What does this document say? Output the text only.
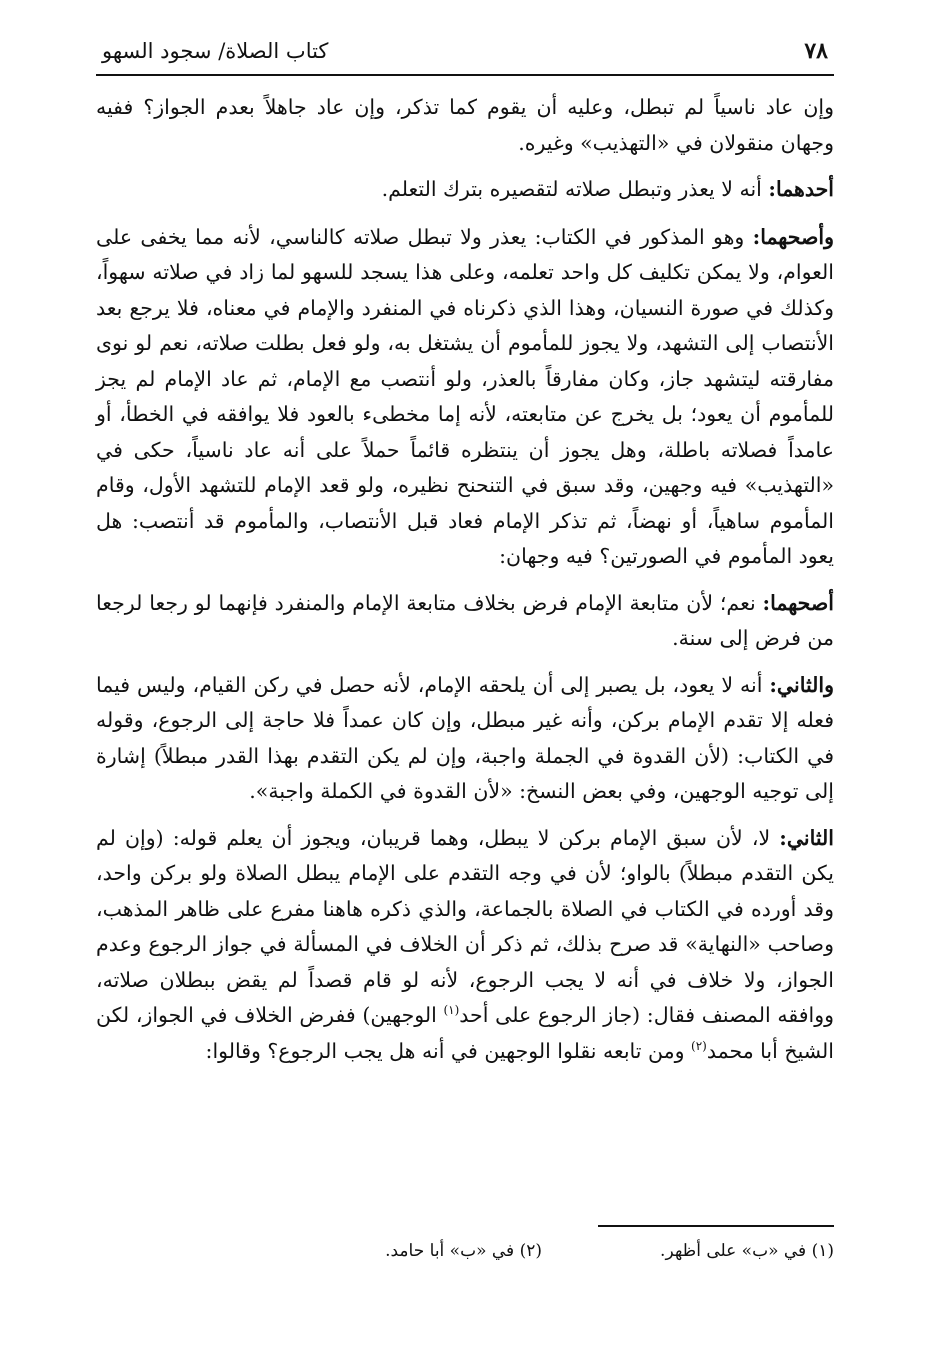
٧٨
كتاب الصلاة/ سجود السهو

وإن عاد ناسياً لم تبطل، وعليه أن يقوم كما تذكر، وإن عاد جاهلاً بعدم الجواز؟ ففيه وجهان منقولان في «التهذيب» وغيره.

أحدهما: أنه لا يعذر وتبطل صلاته لتقصيره بترك التعلم.

وأصحهما: وهو المذكور في الكتاب: يعذر ولا تبطل صلاته كالناسي، لأنه مما يخفى على العوام، ولا يمكن تكليف كل واحد تعلمه، وعلى هذا يسجد للسهو لما زاد في صلاته سهواً، وكذلك في صورة النسيان، وهذا الذي ذكرناه في المنفرد والإمام في معناه، فلا يرجع بعد الأنتصاب إلى التشهد، ولا يجوز للمأموم أن يشتغل به، ولو فعل بطلت صلاته، نعم لو نوى مفارقته ليتشهد جاز، وكان مفارقاً بالعذر، ولو أنتصب مع الإمام، ثم عاد الإمام لم يجز للمأموم أن يعود؛ بل يخرج عن متابعته، لأنه إما مخطىء بالعود فلا يوافقه في الخطأ، أو عامداً فصلاته باطلة، وهل يجوز أن ينتظره قائماً حملاً على أنه عاد ناسياً، حكى في «التهذيب» فيه وجهين، وقد سبق في التنحنح نظيره، ولو قعد الإمام للتشهد الأول، وقام المأموم ساهياً، أو نهضاً، ثم تذكر الإمام فعاد قبل الأنتصاب، والمأموم قد أنتصب: هل يعود المأموم في الصورتين؟ فيه وجهان:

أصحهما: نعم؛ لأن متابعة الإمام فرض بخلاف متابعة الإمام والمنفرد فإنهما لو رجعا لرجعا من فرض إلى سنة.

والثاني: أنه لا يعود، بل يصبر إلى أن يلحقه الإمام، لأنه حصل في ركن القيام، وليس فيما فعله إلا تقدم الإمام بركن، وأنه غير مبطل، وإن كان عمداً فلا حاجة إلى الرجوع، وقوله في الكتاب: (لأن القدوة في الجملة واجبة، وإن لم يكن التقدم بهذا القدر مبطلاً) إشارة إلى توجيه الوجهين، وفي بعض النسخ: «لأن القدوة في الكملة واجبة».

الثاني: لا، لأن سبق الإمام بركن لا يبطل، وهما قريبان، ويجوز أن يعلم قوله: (وإن لم يكن التقدم مبطلاً) بالواو؛ لأن في وجه التقدم على الإمام يبطل الصلاة ولو بركن واحد، وقد أورده في الكتاب في الصلاة بالجماعة، والذي ذكره هاهنا مفرع على ظاهر المذهب، وصاحب «النهاية» قد صرح بذلك، ثم ذكر أن الخلاف في المسألة في جواز الرجوع وعدم الجواز، ولا خلاف في أنه لا يجب الرجوع، لأنه لو قام قصداً لم يقض ببطلان صلاته، ووافقه المصنف فقال: (جاز الرجوع على أحد$^{(١)}$ الوجهين) ففرض الخلاف في الجواز، لكن الشيخ أبا محمد$^{(٢)}$ ومن تابعه نقلوا الوجهين في أنه هل يجب الرجوع؟ وقالوا:

(١) في «ب» على أظهر.
(٢) في «ب» أبا حامد.
